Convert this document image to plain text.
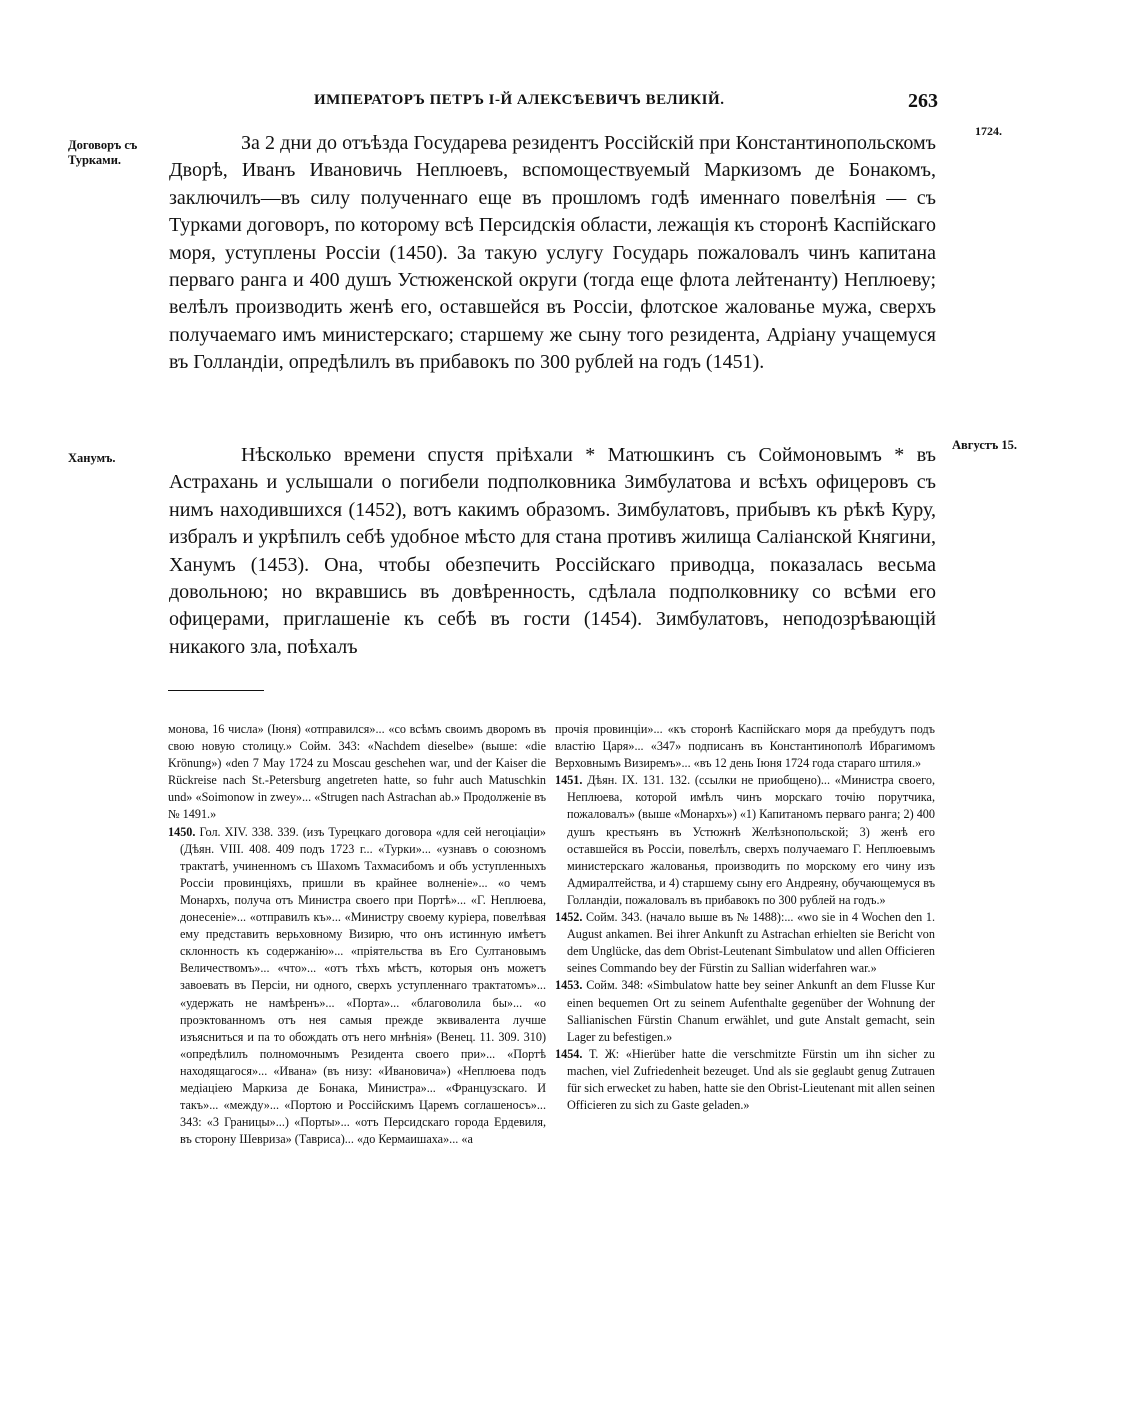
ИМПЕРАТОРЪ ПЕТРЪ І-Й АЛЕКСѢЕВИЧЪ ВЕЛИКІЙ.	263
1724.
Договоръ съ Турками.
Ханумъ.
Августъ 15.

За 2 дни до отъѣзда Государева резидентъ Россійскій при Константинопольскомъ Дворѣ, Иванъ Ивановичь Неплюевъ, вспомоществуемый Маркизомъ де Бонакомъ, заключилъ—въ силу полученнаго еще въ прошломъ годѣ именнаго повелѣнія — съ Турками договоръ, по которому всѣ Персидскія области, лежащія къ сторонѣ Каспійскаго моря, уступлены Россіи (1450). За такую услугу Государь пожаловалъ чинъ капитана перваго ранга и 400 душъ Устюженской округи (тогда еще флота лейтенанту) Неплюеву; велѣлъ производить женѣ его, оставшейся въ Россіи, флотское жалованье мужа, сверхъ получаемаго имъ министерскаго; старшему же сыну того резидента, Адріану учащемуся въ Голландіи, опредѣлилъ въ прибавокъ по 300 рублей на годъ (1451).

Нѣсколько времени спустя пріѣхали * Матюшкинъ съ Соймоновымъ * въ Астрахань и услышали о погибели подполковника Зимбулатова и всѣхъ офицеровъ съ нимъ находившихся (1452), вотъ какимъ образомъ. Зимбулатовъ, прибывъ къ рѣкѣ Куру, избралъ и укрѣпилъ себѣ удобное мѣсто для стана противъ жилища Саліанской Княгини, Ханумъ (1453). Она, чтобы обезпечить Россійскаго приводца, показалась весьма довольною; но вкравшись въ довѣренность, сдѣлала подполковнику со всѣми его офицерами, приглашеніе къ себѣ въ гости (1454). Зимбулатовъ, неподозрѣвающій никакого зла, поѣхалъ

монова, 16 числа» (Іюня) «отправился»... «со всѣмъ своимъ дворомъ въ свою новую столицу.» Сойм. 343: «Nachdem dieselbe» (выше: «die Krönung») «den 7 May 1724 zu Moscau geschehen war, und der Kaiser die Rückreise nach St.-Petersburg angetreten hatte, so fuhr auch Matuschkin und» «Soimonow in zwey»... «Strugen nach Astrachan ab.» Продолженіе въ № 1491.»

1450. Гол. XIV. 338. 339. (изъ Турецкаго договора «для сей негоціаціи» (Дѣян. VIII. 408. 409 подъ 1723 г... «Турки»... «узнавъ о союзномъ трактатѣ, учиненномъ съ Шахомъ Тахмасибомъ и объ уступленныхъ Россіи провинціяхъ, пришли въ крайнее волненіе»... «о чемъ Монархъ, получа отъ Министра своего при Портѣ»... «Г. Неплюева, донесеніе»... «отправилъ къ»... «Министру своему куріера, повелѣвая ему представить верьховному Визирю, что онъ истинную имѣетъ склонность къ содержанію»... «пріятельства въ Его Султановымъ Величествомъ»... «что»... «отъ тѣхъ мѣстъ, которыя онъ можетъ завоевать въ Персіи, ни одного, сверхъ уступленнаго трактатомъ»... «удержать не намѣренъ»... «Порта»... «благоволила бы»... «о проэктованномъ отъ нея самыя прежде эквивалента лучше изъясниться и па то обождать отъ него мнѣнія» (Венец. 11. 309. 310) «опредѣлилъ полномочнымъ Резидента своего при»... «Портѣ находящагося»... «Ивана» (въ низу: «Ивановича») «Неплюева подъ медіаціею Маркиза де Бонака, Министра»... «Французскаго. И такъ»... «между»... «Портою и Россійскимъ Царемъ соглашеносъ»... 343: «3 Границы»...) «Порты»... «отъ Персидскаго города Ердевиля, въ сторону Шевриза» (Тавриса)... «до Кермаишаха»... «а

прочія провинціи»... «къ сторонѣ Каспійскаго моря да пребудутъ подъ властію Царя»... «347» подписанъ въ Константинополѣ Ибрагимомъ Верховнымъ Визиремъ»... «въ 12 день Іюня 1724 года стараго штиля.»

1451. Дѣян. IX. 131. 132. (ссылки не приобщено)... «Министра своего, Неплюева, которой имѣлъ чинъ морскаго точію порутчика, пожаловалъ» (выше «Монархъ») «1) Капитаномъ перваго ранга; 2) 400 душъ крестьянъ въ Устюжнѣ Желѣзнопольской; 3) женѣ его оставшейся въ Россіи, повелѣлъ, сверхъ получаемаго Г. Неплюевымъ министерскаго жалованья, производить по морскому его чину изъ Адмиралтейства, и 4) старшему сыну его Андреяну, обучающемуся въ Голландіи, пожаловалъ въ прибавокъ по 300 рублей на годъ.»

1452. Сойм. 343. (начало выше въ № 1488):... «wo sie in 4 Wochen den 1. August ankamen. Bei ihrer Ankunft zu Astrachan erhielten sie Bericht von dem Unglücke, das dem Obrist-Leutenant Simbulatow und allen Officieren seines Commando bey der Fürstin zu Sallian widerfahren war.»

1453. Сойм. 348: «Simbulatow hatte bey seiner Ankunft an dem Flusse Kur einen bequemen Ort zu seinem Aufenthalte gegenüber der Wohnung der Sallianischen Fürstin Chanum erwählet, und gute Anstalt gemacht, sein Lager zu befestigen.»

1454. Т. Ж: «Hierüber hatte die verschmitzte Fürstin um ihn sicher zu machen, viel Zufriedenheit bezeuget. Und als sie geglaubt genug Zutrauen für sich erwecket zu haben, hatte sie den Obrist-Lieutenant mit allen seinen Officieren zu sich zu Gaste geladen.»
